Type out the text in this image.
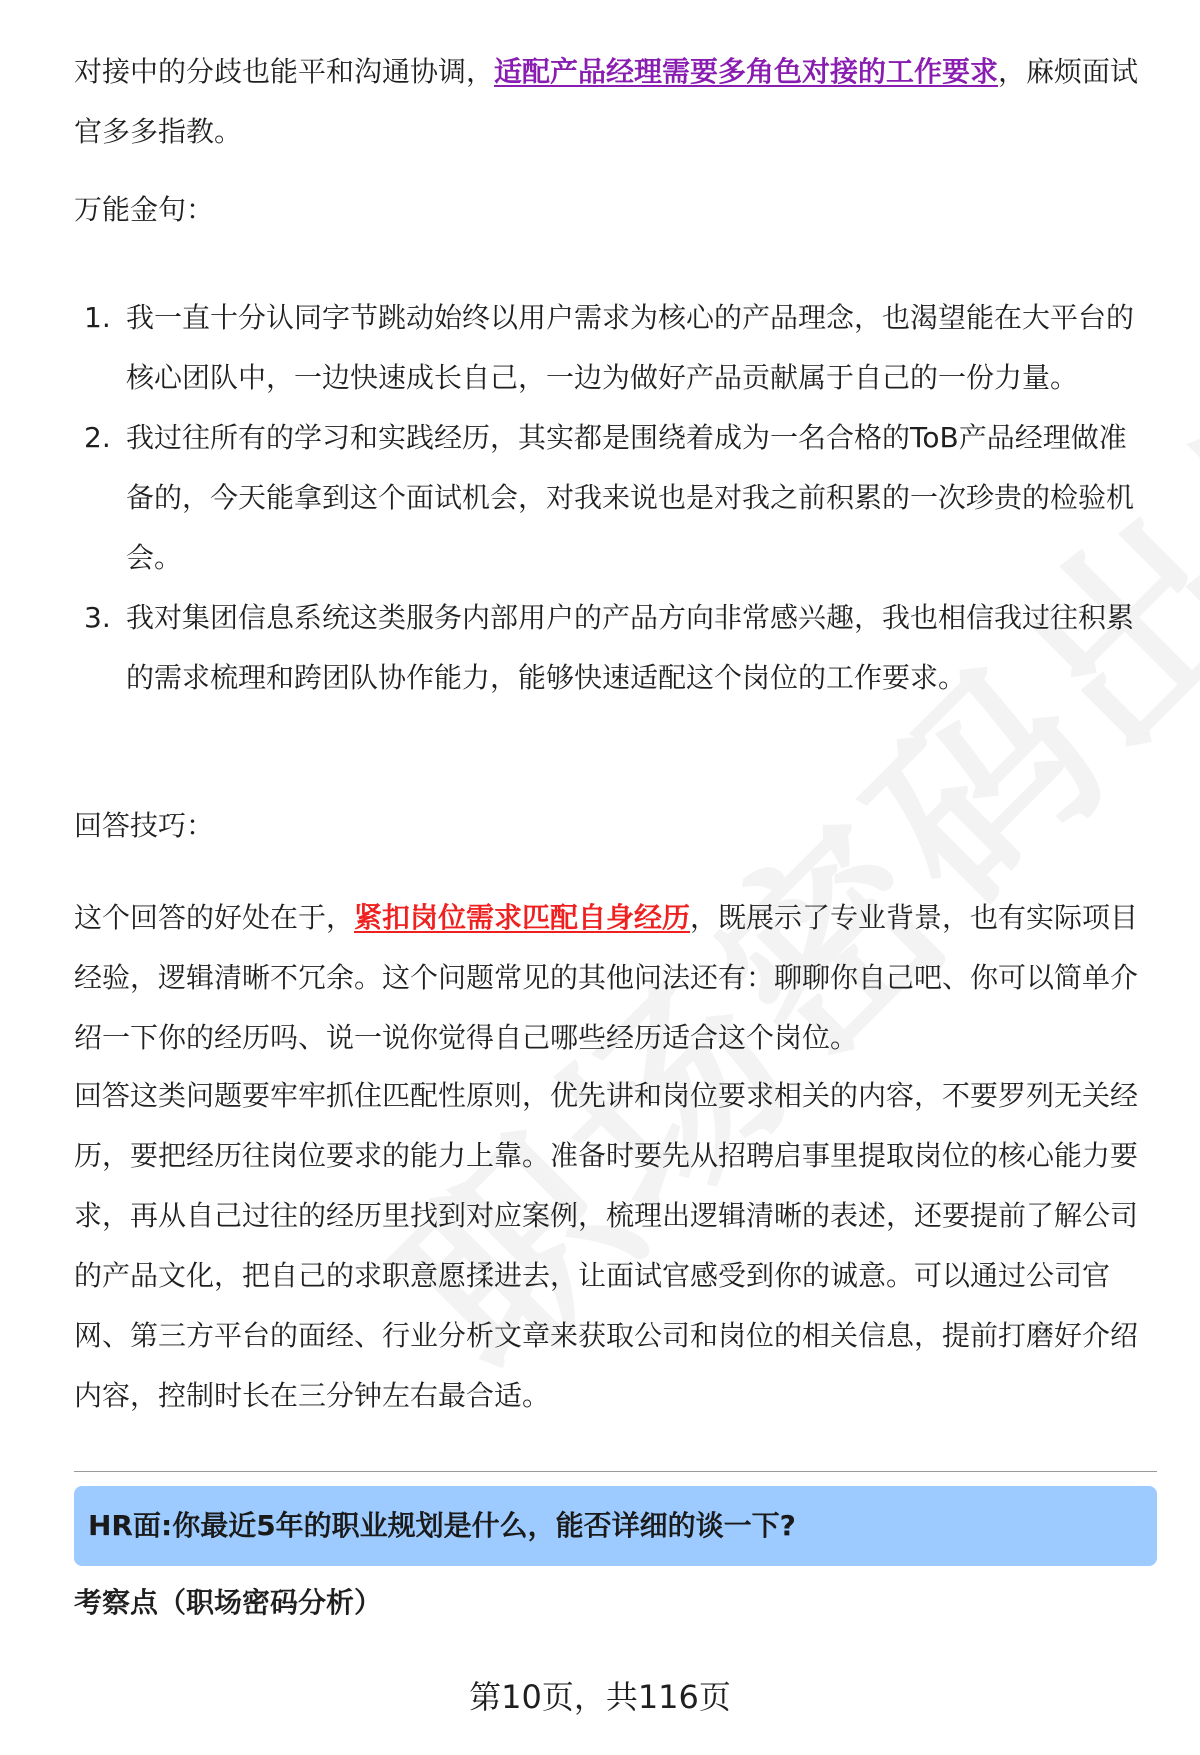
对接中的分歧也能平和沟通协调，适配产品经理需要多角色对接的工作要求，麻烦面试官多多指教。

万能金句：

1. 我一直十分认同字节跳动始终以用户需求为核心的产品理念，也渴望能在大平台的核心团队中，一边快速成长自己，一边为做好产品贡献属于自己的一份力量。
2. 我过往所有的学习和实践经历，其实都是围绕着成为一名合格的ToB产品经理做准备的，今天能拿到这个面试机会，对我来说也是对我之前积累的一次珍贵的检验机会。
3. 我对集团信息系统这类服务内部用户的产品方向非常感兴趣，我也相信我过往积累的需求梳理和跨团队协作能力，能够快速适配这个岗位的工作要求。

回答技巧：

这个回答的好处在于，紧扣岗位需求匹配自身经历，既展示了专业背景，也有实际项目经验，逻辑清晰不冗余。这个问题常见的其他问法还有：聊聊你自己吧、你可以简单介绍一下你的经历吗、说一说你觉得自己哪些经历适合这个岗位。

回答这类问题要牢牢抓住匹配性原则，优先讲和岗位要求相关的内容，不要罗列无关经历，要把经历往岗位要求的能力上靠。准备时要先从招聘启事里提取岗位的核心能力要求，再从自己过往的经历里找到对应案例，梳理出逻辑清晰的表述，还要提前了解公司的产品文化，把自己的求职意愿揉进去，让面试官感受到你的诚意。可以通过公司官网、第三方平台的面经、行业分析文章来获取公司和岗位的相关信息，提前打磨好介绍内容，控制时长在三分钟左右最合适。

HR面:你最近5年的职业规划是什么，能否详细的谈一下?
考察点（职场密码分析）
第10页，共116页
